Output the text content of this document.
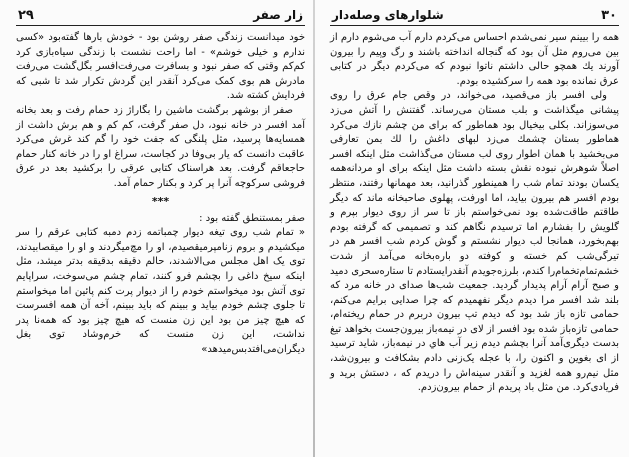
زار صفر
۲۹

خود میدانست زندگی صفر روشن بود - خودش بارها گفته‌بود «کسی ندارم و خیلی خوشم» - اما راحت نشست با زندگی سیاه‌بازی کرد کم‌کم وقتی که صفر نبود و بسافرت می‌رفت‌افسر بگل‌گشت می‌رفت مادرش هم بوی کمک می‌کرد آنقدر این گردش تکرار شد تا شبی که فردایش کشته شد.

صفر از بوشهر برگشت ماشین را بگاراژ زد حمام رفت و بعد بخانه آمد افسر در خانه نبود، دل صفر گرفت، کم کم و هم برش داشت از همسایه‌ها پرسید، مثل پلنگی که جفت خود را گم کند غرش می‌کرد عاقبت دانست که یار بی‌وفا در کجاست، سراغ او را در خانه کنار حمام حاجعاقم گرفت. بعد هراسناک کتابی عرقی را برکشید بعد در عرق فروشی سرکوچه آنرا پر کرد و بکنار حمام آمد.

***

صفر بمستنطق گفته بود :

« تمام شب روی تیغه دیوار چمباتمه زدم دمبه کتابی عرقم را سر میکشیدم و بروم زنامپرمیقصیدم، او را مچ‌میگردند و او را میقصابیدند، توی یک اهل مجلس می‌الاشدند، حالم دقیقه بدقیقه بدتر میشد، مثل اینکه سیخ داغی را بچشم فرو کنند، تمام چشم می‌سوخت، سراپایم توی آتش بود میخواستم خودم را از دیوار پرت کنم پائین اما میخواستم تا جلوی چشم خودم بیاید و ببینم که باید ببینم، آخه آن همه افسرست که هیچ چیز من بود این زن منست که هیچ چیز بود که همه‌نا پدر نداشت، این زن منست که خرم‌وشاد توی بغل دیگران‌می‌افتدبس‌میدهد»

۳۰
شلوارهای وصله‌دار

همه را بیینم سیر نمی‌شدم احساس می‌کردم دارم آب می‌شوم دارم از بین می‌روم مثل آن بود که گنجاله انداخته باشند و رگ وپیم را بیرون آورند یك همچو حالی داشتم ناتوا نبودم که می‌کردم دیگر در کتابی عرق نمانده بود همه را سرکشیده بودم.

ولی افسر باز می‌قصید، می‌خواند، در وقص جام عرق را روی پیشانی میگذاشت و بلب مستان می‌رساند. گفتنش را آتش می‌زد می‌سوزاند. بکلی بیخیال بود هماطور که برای من چشم نازك می‌کرد هماطور بستان چشمك می‌زد لبهای داغش را لك بمن تعارفی می‌بخشید با همان اطوار روی لب مستان می‌گذاشت مثل اینکه افسر اصلاً شوهرش نبوده نقش بسته داشت مثل اینکه برای او مردانه‌همه یکسان بودند تمام شب را همینطور گذرانید، بعد مهمانها رفتند، منتظر بودم افسر هم بیرون بیاید، اما اورفت، پهلوی صاحبخانه ماند که دیگر طاقتم طاقت‌شده بود نمی‌خواستم باز تا سر از روی دیوار بپرم و گلویش را بفشارم اما ترسیدم نگاهم کند و تصمیمی که گرفته بودم بهم‌بخورد، همانجا لب دیوار نشستم و گوش کردم شب افسر هم در تیرگی‌شب کم خسته و کوفته دو باره‌بخانه می‌آمد از شدت خشم‌تمام‌تخمام‌را کندم، بلرزه‌جویدم آنقدرایستادم تا ستاره‌سحری دمید و صبح آرام آرام پدیدار گردید. جمعیت شب‌ها صدای در خانه مرد که بلند شد افسر مرا دیدم دیگر نفهمیدم که چرا صدایی برایم می‌کنم، حمامی تازه باز شد بود که دیدم تپ بیرون دربرم در حمام ریخته‌ام، حمامی تازه‌باز شده بود افسر از لای در نیمه‌باز بیرون‌جست بخواهد تیغ بدست دیگری‌آمد آنرا بچشم دیدم زیر آب هاي در نیمه‌باز، شاید ترسید از ای بغوین و اکنون را، با عجله یک‌زنی دادم بشکافت و بیرون‌شد، مثل نیم‌رو همه لغزید و آنقدر سینه‌اش را دریدم که ، دستش برید و فریادی‌کرد. من مثل باد پریدم از حمام بیرون‌زدم.
